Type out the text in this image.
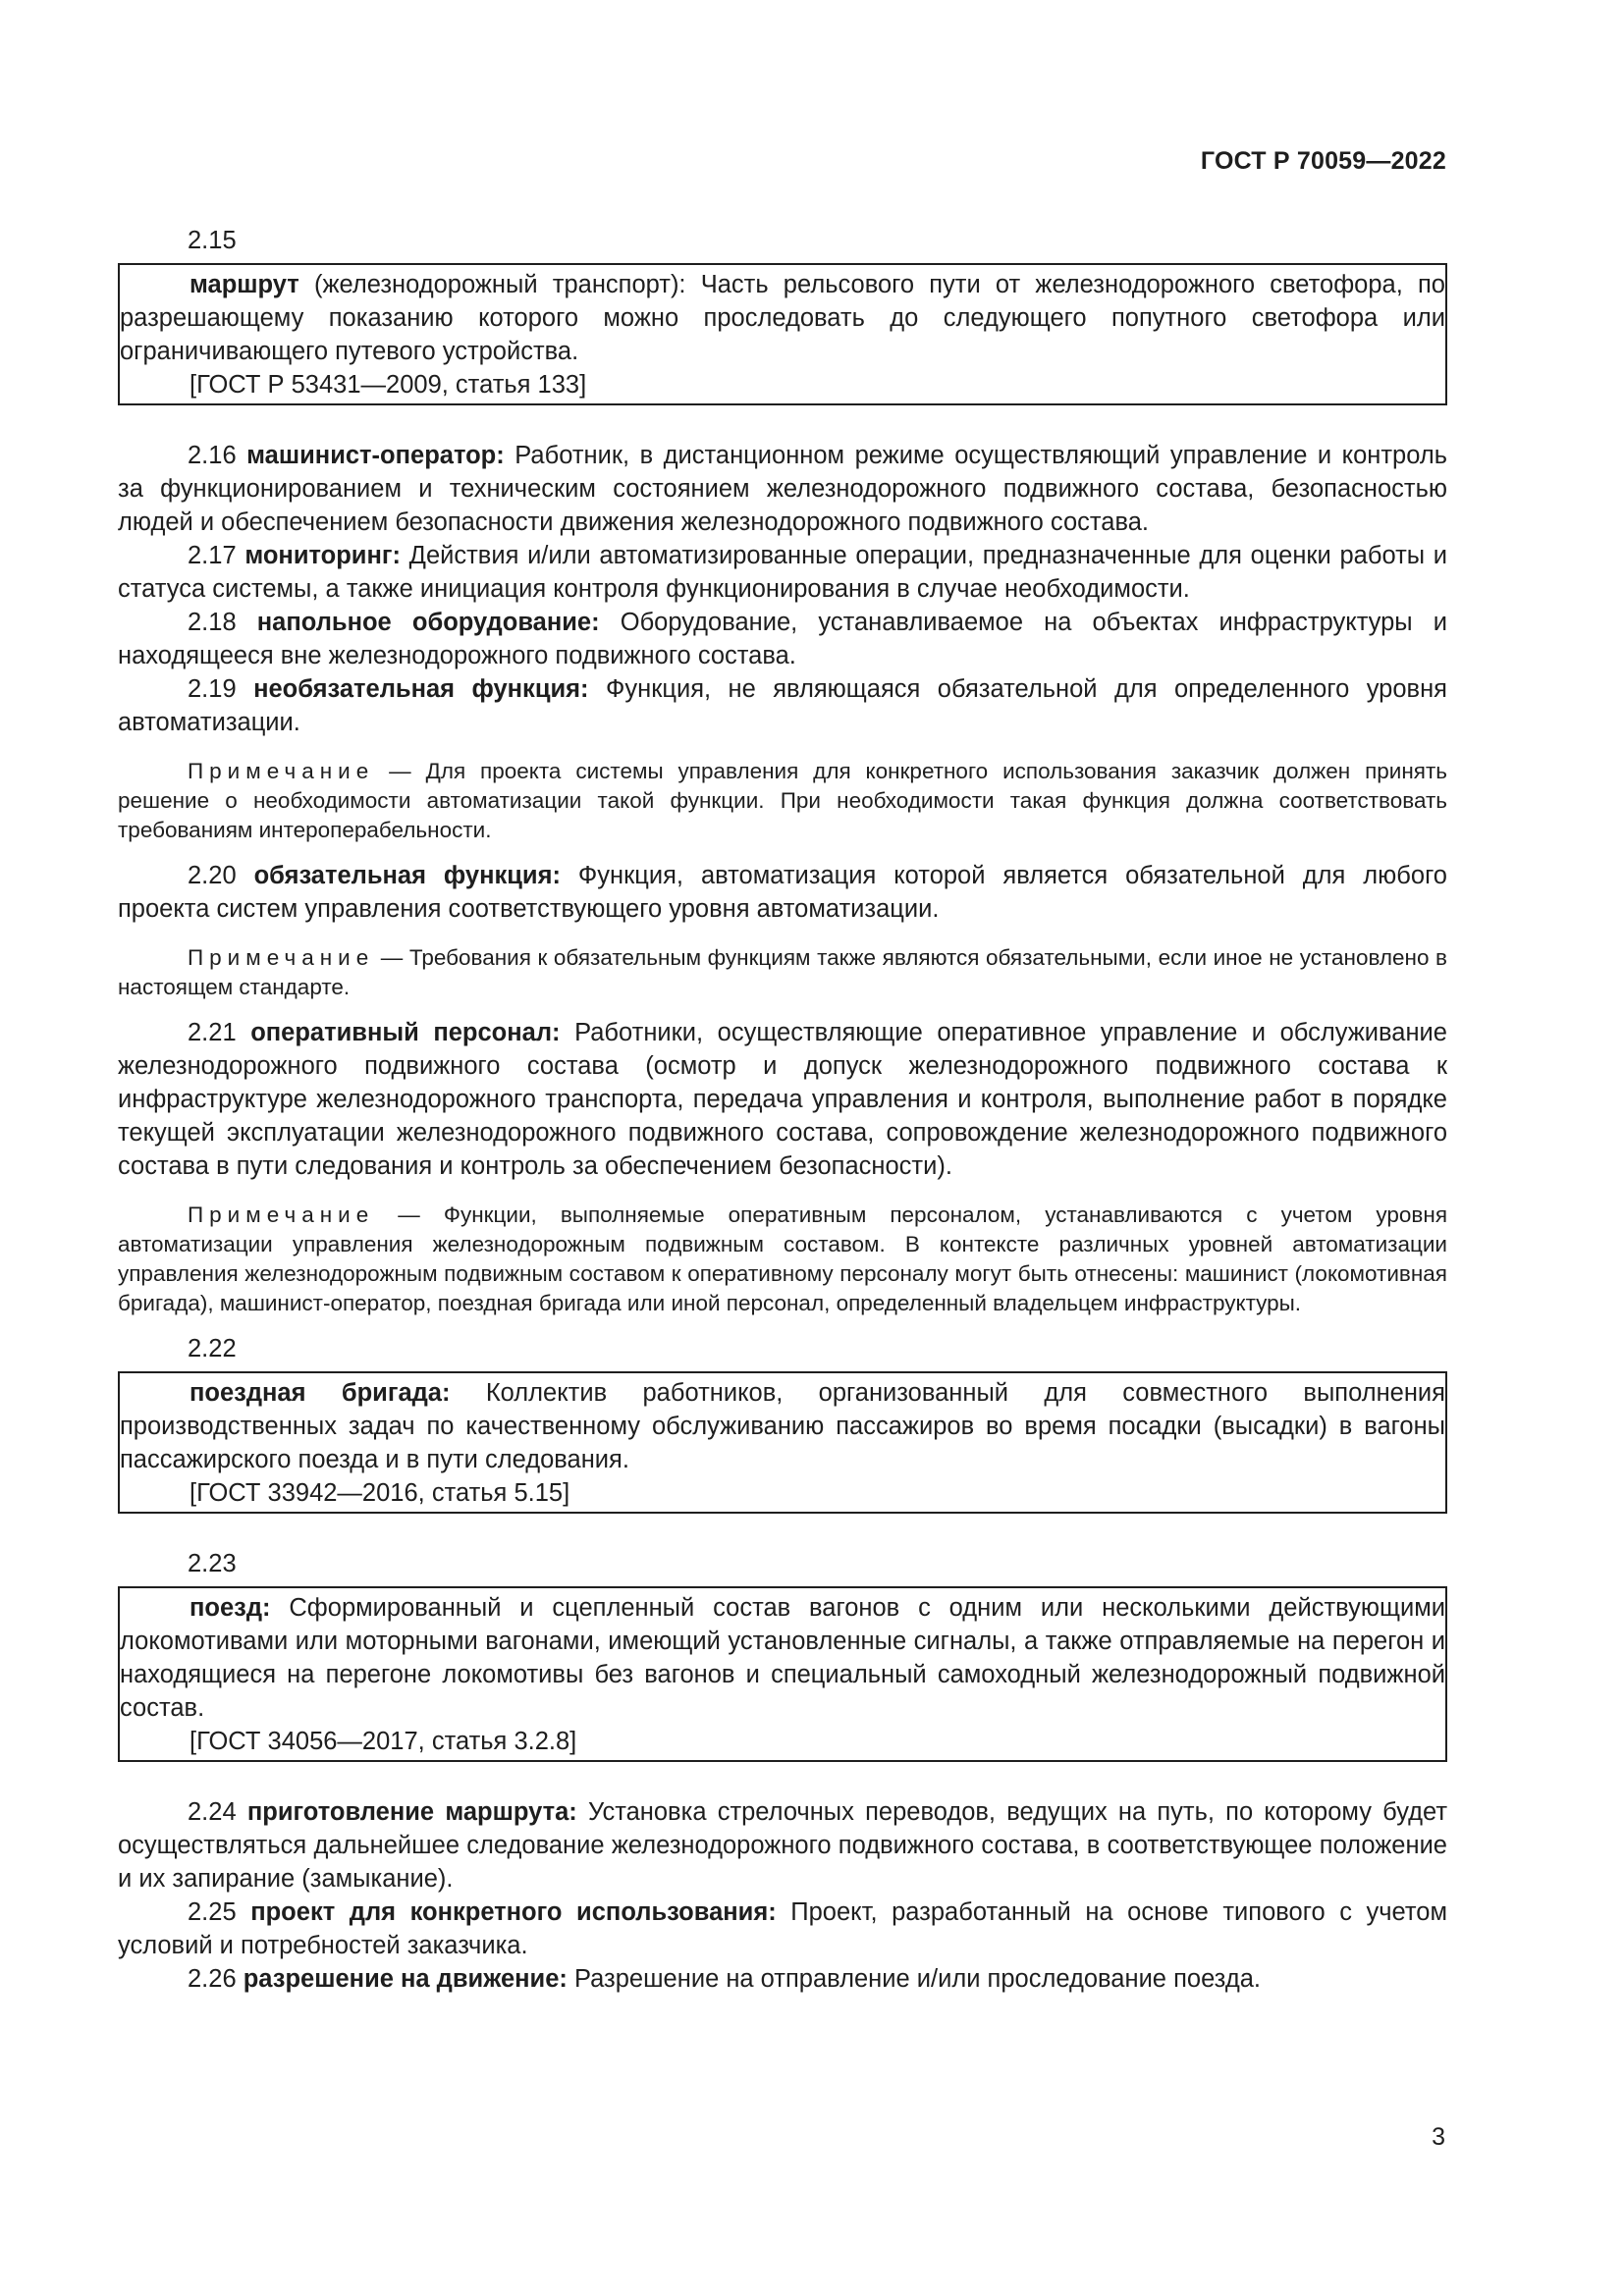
ГОСТ Р 70059—2022

2.15

маршрут (железнодорожный транспорт): Часть рельсового пути от железнодорожного светофора, по разрешающему показанию которого можно проследовать до следующего попутного светофора или ограничивающего путевого устройства.

[ГОСТ Р 53431—2009, статья 133]

2.16 машинист-оператор: Работник, в дистанционном режиме осуществляющий управление и контроль за функционированием и техническим состоянием железнодорожного подвижного состава, безопасностью людей и обеспечением безопасности движения железнодорожного подвижного состава.

2.17 мониторинг: Действия и/или автоматизированные операции, предназначенные для оценки работы и статуса системы, а также инициация контроля функционирования в случае необходимости.

2.18 напольное оборудование: Оборудование, устанавливаемое на объектах инфраструктуры и находящееся вне железнодорожного подвижного состава.

2.19 необязательная функция: Функция, не являющаяся обязательной для определенного уровня автоматизации.

Примечание — Для проекта системы управления для конкретного использования заказчик должен принять решение о необходимости автоматизации такой функции. При необходимости такая функция должна соответствовать требованиям интероперабельности.

2.20 обязательная функция: Функция, автоматизация которой является обязательной для любого проекта систем управления соответствующего уровня автоматизации.

Примечание — Требования к обязательным функциям также являются обязательными, если иное не установлено в настоящем стандарте.

2.21 оперативный персонал: Работники, осуществляющие оперативное управление и обслуживание железнодорожного подвижного состава (осмотр и допуск железнодорожного подвижного состава к инфраструктуре железнодорожного транспорта, передача управления и контроля, выполнение работ в порядке текущей эксплуатации железнодорожного подвижного состава, сопровождение железнодорожного подвижного состава в пути следования и контроль за обеспечением безопасности).

Примечание — Функции, выполняемые оперативным персоналом, устанавливаются с учетом уровня автоматизации управления железнодорожным подвижным составом. В контексте различных уровней автоматизации управления железнодорожным подвижным составом к оперативному персоналу могут быть отнесены: машинист (локомотивная бригада), машинист-оператор, поездная бригада или иной персонал, определенный владельцем инфраструктуры.

2.22

поездная бригада: Коллектив работников, организованный для совместного выполнения производственных задач по качественному обслуживанию пассажиров во время посадки (высадки) в вагоны пассажирского поезда и в пути следования.

[ГОСТ 33942—2016, статья 5.15]

2.23

поезд: Сформированный и сцепленный состав вагонов с одним или несколькими действующими локомотивами или моторными вагонами, имеющий установленные сигналы, а также отправляемые на перегон и находящиеся на перегоне локомотивы без вагонов и специальный самоходный железнодорожный подвижной состав.

[ГОСТ 34056—2017, статья 3.2.8]

2.24 приготовление маршрута: Установка стрелочных переводов, ведущих на путь, по которому будет осуществляться дальнейшее следование железнодорожного подвижного состава, в соответствующее положение и их запирание (замыкание).

2.25 проект для конкретного использования: Проект, разработанный на основе типового с учетом условий и потребностей заказчика.

2.26 разрешение на движение: Разрешение на отправление и/или проследование поезда.

3
